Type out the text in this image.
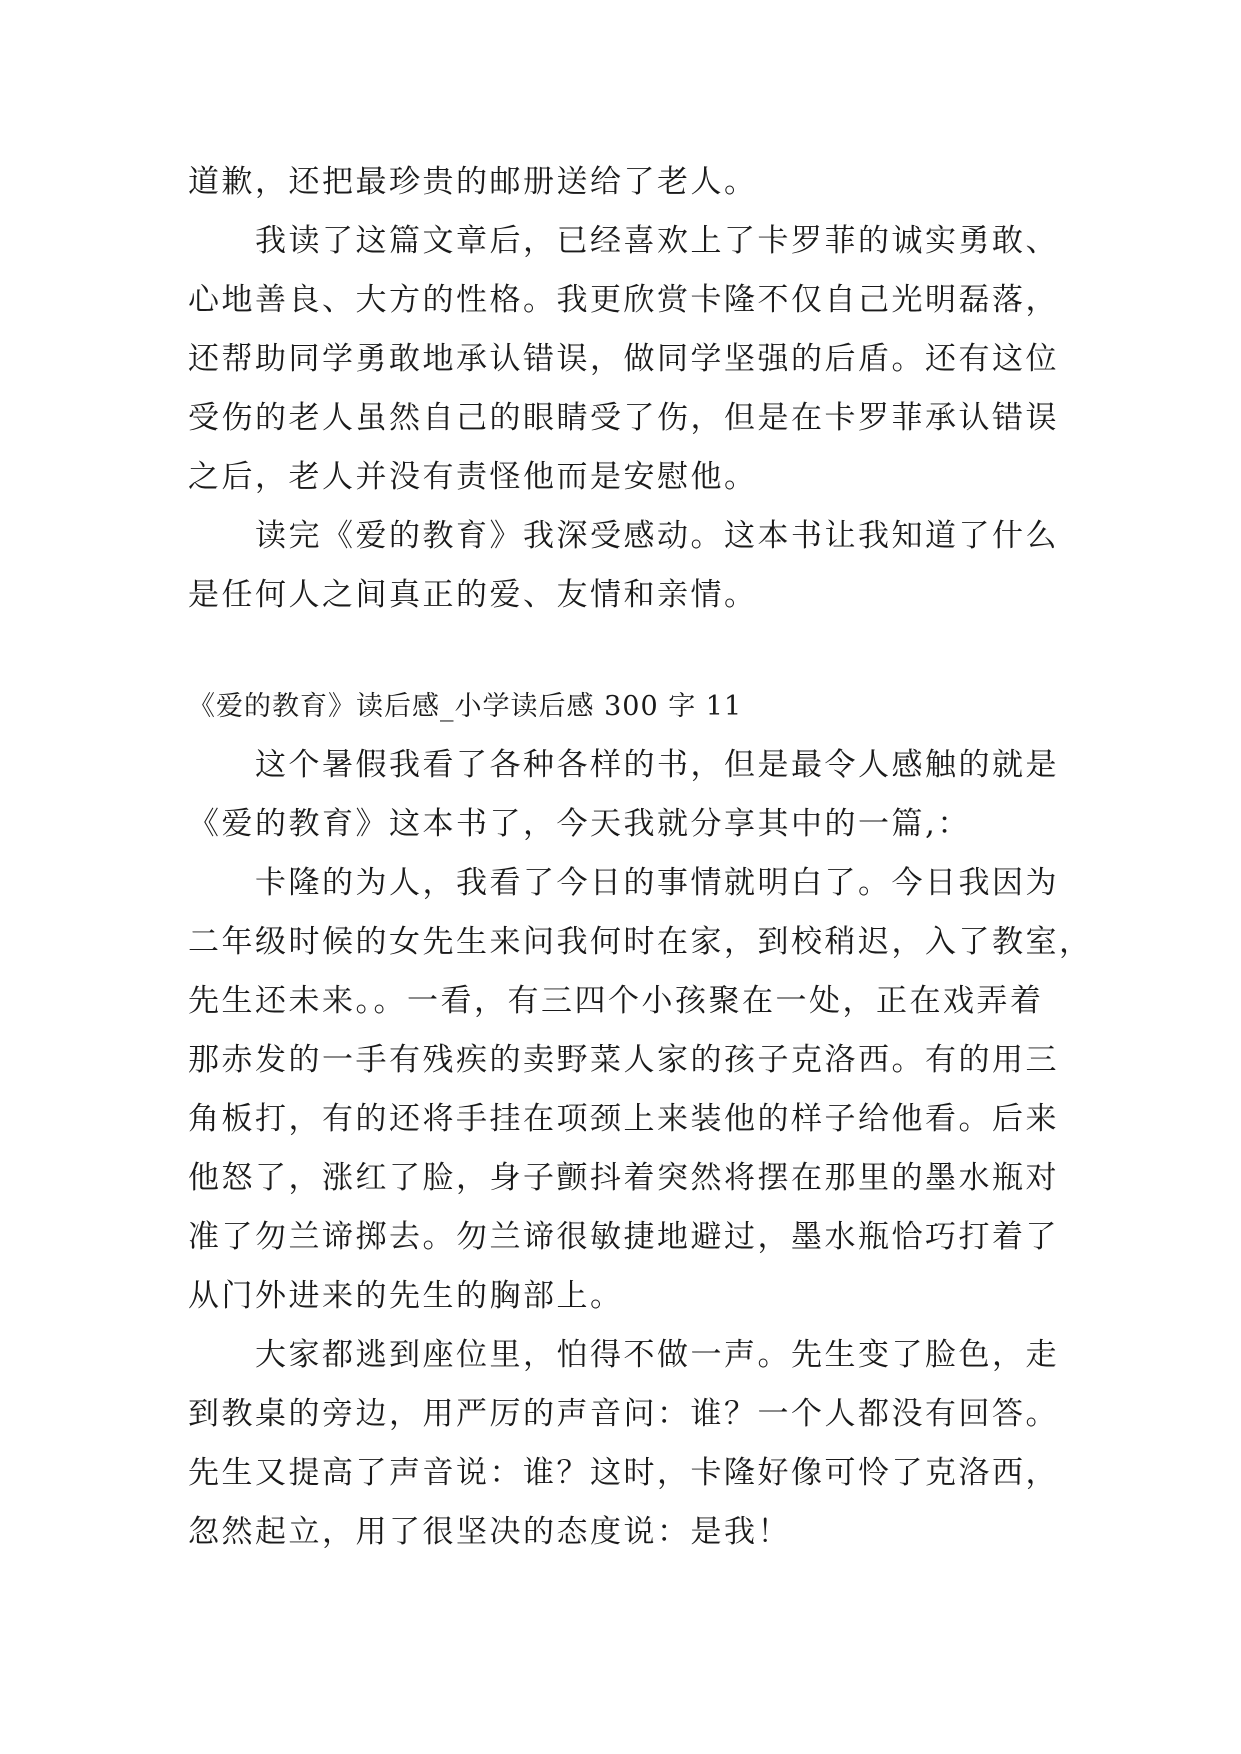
道歉，还把最珍贵的邮册送给了老人。
我读了这篇文章后，已经喜欢上了卡罗菲的诚实勇敢、
心地善良、大方的性格。我更欣赏卡隆不仅自己光明磊落，
还帮助同学勇敢地承认错误，做同学坚强的后盾。还有这位
受伤的老人虽然自己的眼睛受了伤，但是在卡罗菲承认错误
之后，老人并没有责怪他而是安慰他。
读完《爱的教育》我深受感动。这本书让我知道了什么
是任何人之间真正的爱、友情和亲情。
《爱的教育》读后感_小学读后感 300 字 11
这个暑假我看了各种各样的书，但是最令人感触的就是
《爱的教育》这本书了，今天我就分享其中的一篇,：
卡隆的为人，我看了今日的事情就明白了。今日我因为
二年级时候的女先生来问我何时在家，到校稍迟，入了教室，
先生还未来。。一看，有三四个小孩聚在一处，正在戏弄着
那赤发的一手有残疾的卖野菜人家的孩子克洛西。有的用三
角板打，有的还将手挂在项颈上来装他的样子给他看。后来
他怒了，涨红了脸，身子颤抖着突然将摆在那里的墨水瓶对
准了勿兰谛掷去。勿兰谛很敏捷地避过，墨水瓶恰巧打着了
从门外进来的先生的胸部上。
大家都逃到座位里，怕得不做一声。先生变了脸色，走
到教桌的旁边，用严厉的声音问：谁？一个人都没有回答。
先生又提高了声音说：谁？这时，卡隆好像可怜了克洛西，
忽然起立，用了很坚决的态度说：是我！
